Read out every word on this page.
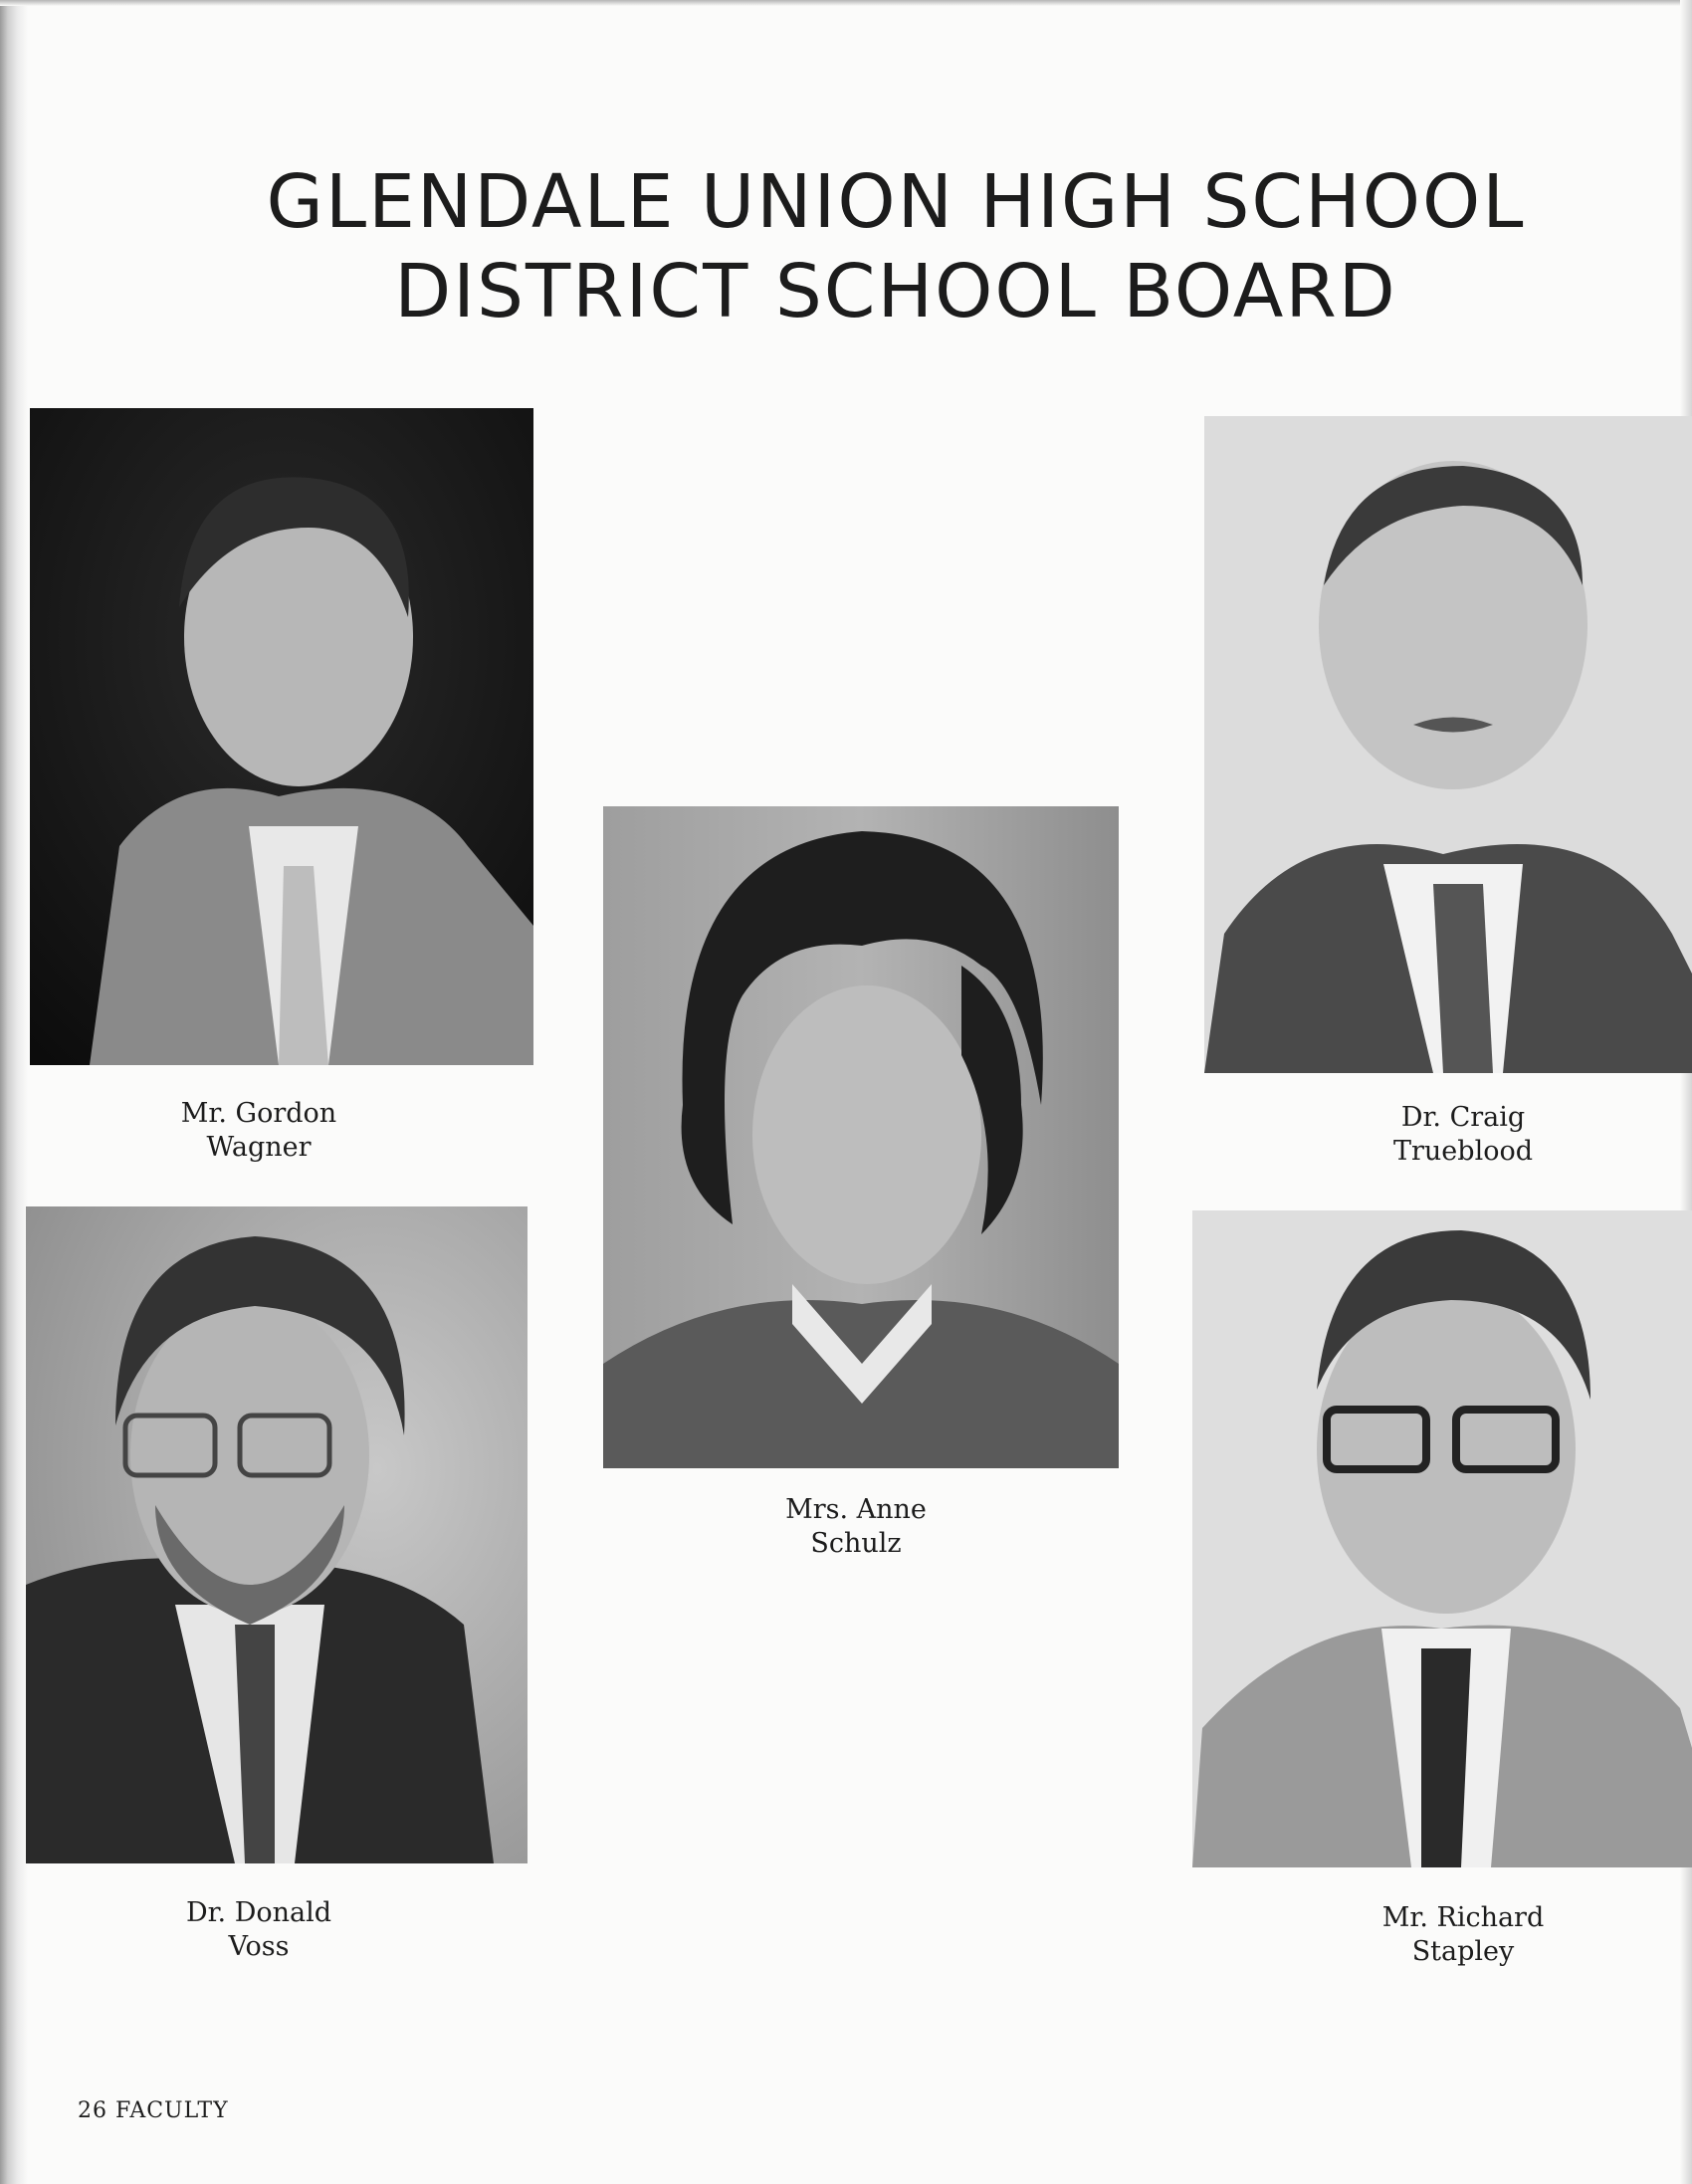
GLENDALE UNION HIGH SCHOOL
DISTRICT SCHOOL BOARD
Mr. Gordon
Wagner
Dr. Craig
Trueblood
Mrs. Anne
Schulz
Dr. Donald
Voss
Mr. Richard
Stapley
26 FACULTY
